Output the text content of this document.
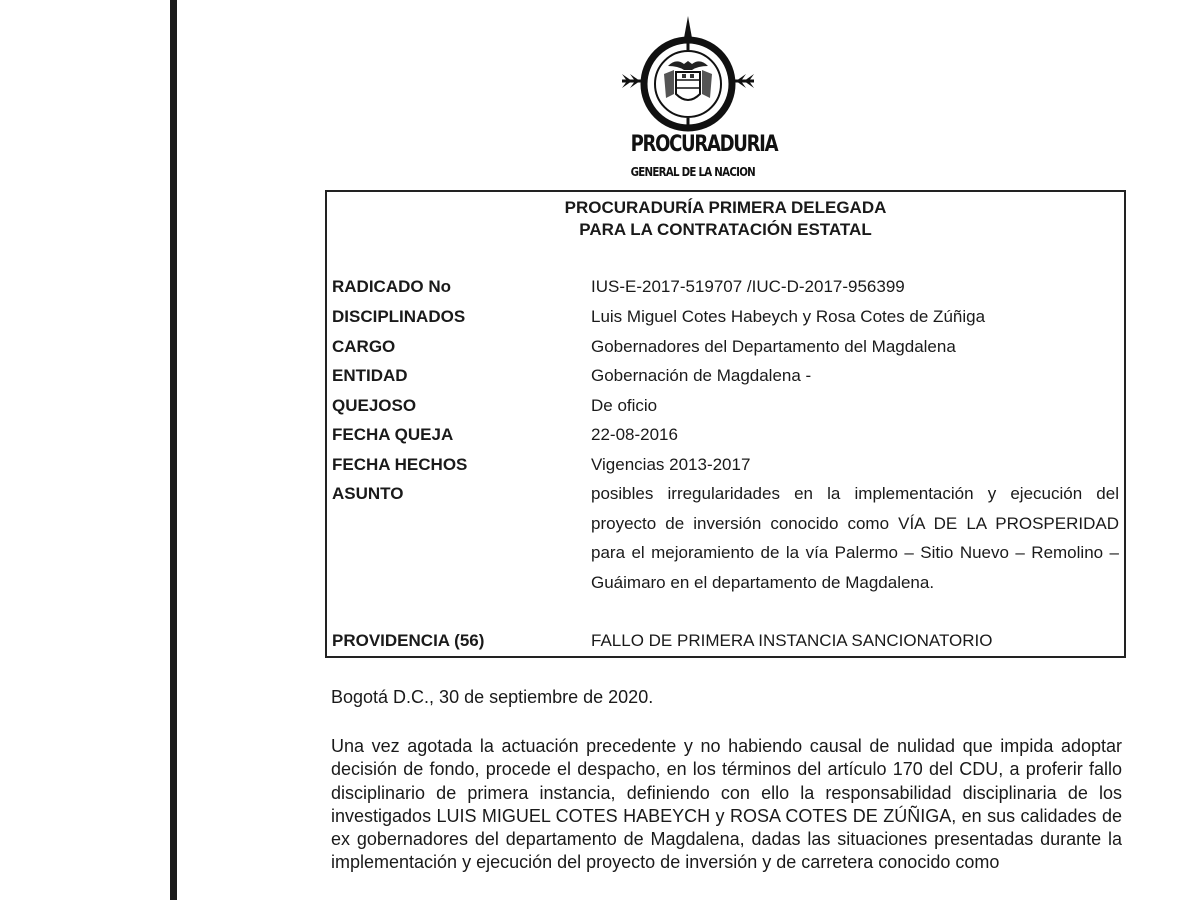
PROCURADURIA
GENERAL DE LA NACION
PROCURADURÍA PRIMERA DELEGADA
PARA LA CONTRATACIÓN ESTATAL
RADICADO No	IUS-E-2017-519707 /IUC-D-2017-956399
DISCIPLINADOS	Luis Miguel Cotes Habeych y Rosa Cotes de Zúñiga
CARGO	Gobernadores del Departamento del Magdalena
ENTIDAD	Gobernación de Magdalena -
QUEJOSO	De oficio
FECHA QUEJA	22-08-2016
FECHA HECHOS	Vigencias 2013-2017
ASUNTO	posibles irregularidades en la implementación y ejecución del proyecto de inversión conocido como VÍA DE LA PROSPERIDAD para el mejoramiento de la vía Palermo – Sitio Nuevo – Remolino – Guáimaro en el departamento de Magdalena.
PROVIDENCIA (56)	FALLO DE PRIMERA INSTANCIA SANCIONATORIO
Bogotá D.C., 30 de septiembre de 2020.
Una vez agotada la actuación precedente y no habiendo causal de nulidad que impida adoptar decisión de fondo, procede el despacho, en los términos del artículo 170 del CDU, a proferir fallo disciplinario de primera instancia, definiendo con ello la responsabilidad disciplinaria de los investigados LUIS MIGUEL COTES HABEYCH y ROSA COTES DE ZÚÑIGA, en sus calidades de ex gobernadores del departamento de Magdalena, dadas las situaciones presentadas durante la implementación y ejecución del proyecto de inversión y de carretera conocido como
